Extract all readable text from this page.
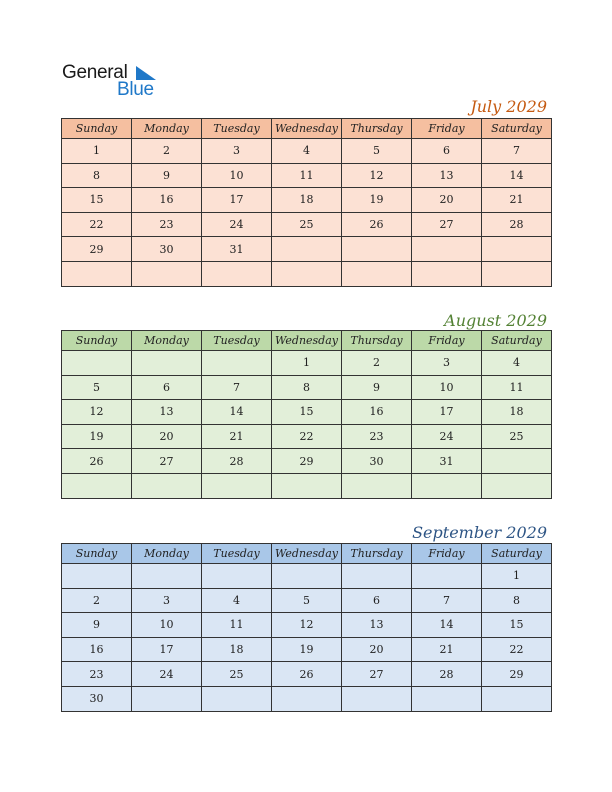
General
Blue
July 2029
Sunday	Monday	Tuesday	Wednesday	Thursday	Friday	Saturday
1	2	3	4	5	6	7
8	9	10	11	12	13	14
15	16	17	18	19	20	21
22	23	24	25	26	27	28
29	30	31				

August 2029
Sunday	Monday	Tuesday	Wednesday	Thursday	Friday	Saturday
			1	2	3	4
5	6	7	8	9	10	11
12	13	14	15	16	17	18
19	20	21	22	23	24	25
26	27	28	29	30	31	

September 2029
Sunday	Monday	Tuesday	Wednesday	Thursday	Friday	Saturday
						1
2	3	4	5	6	7	8
9	10	11	12	13	14	15
16	17	18	19	20	21	22
23	24	25	26	27	28	29
30						
